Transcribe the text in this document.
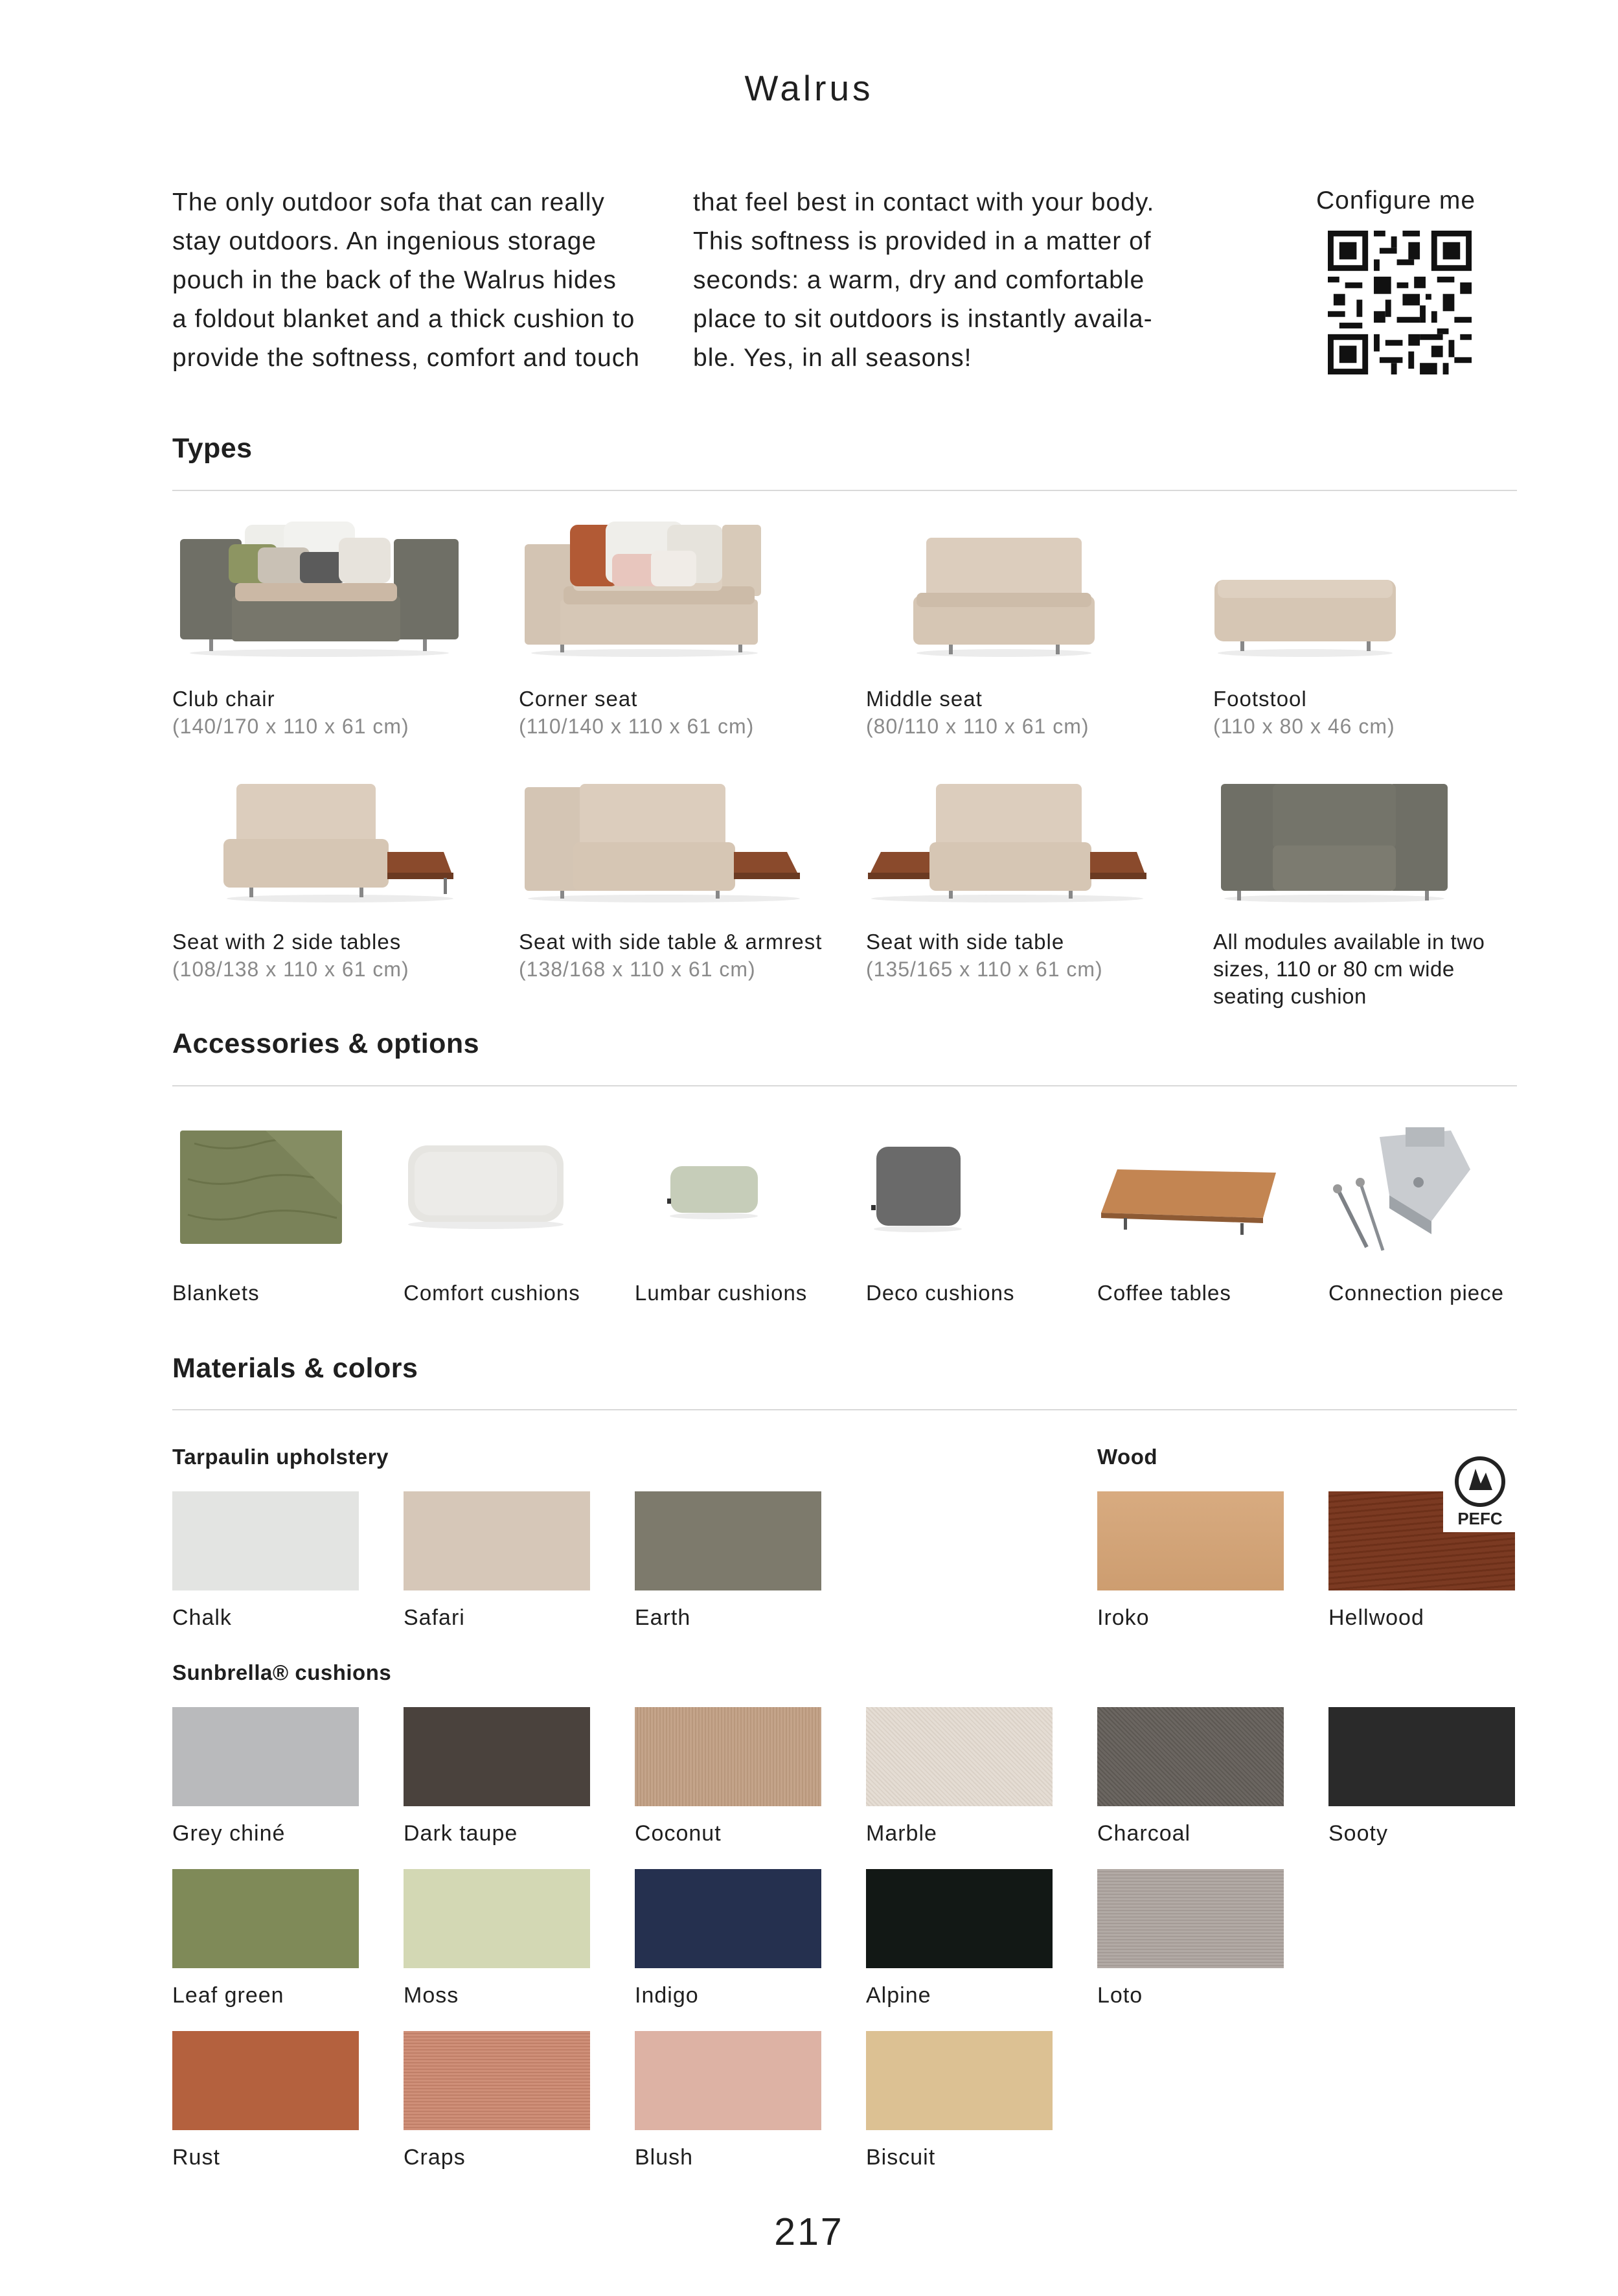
Walrus
The only outdoor sofa that can really
stay outdoors. An ingenious storage
pouch in the back of the Walrus hides
a foldout blanket and a thick cushion to
provide the softness, comfort and touch
that feel best in contact with your body.
This softness is provided in a matter of
seconds: a warm, dry and comfortable
place to sit outdoors is instantly availa-
ble. Yes, in all seasons!
Configure me
Types
Club chair
(140/170 x 110 x 61 cm)
Corner seat
(110/140 x 110 x 61 cm)
Middle seat
(80/110 x 110 x 61 cm)
Footstool
(110 x 80 x 46 cm)
Seat with 2 side tables
(108/138 x 110 x 61 cm)
Seat with side table & armrest
(138/168 x 110 x 61 cm)
Seat with side table
(135/165 x 110 x 61 cm)
All modules available in two
sizes, 110 or 80 cm wide
seating cushion
Accessories & options
Blankets	Comfort cushions	Lumbar cushions	Deco cushions	Coffee tables	Connection piece
Materials & colors
Tarpaulin upholstery	Wood
Chalk	Safari	Earth
PEFC
Iroko	Hellwood
Sunbrella® cushions
Grey chiné	Dark taupe	Coconut	Marble	Charcoal	Sooty
Leaf green	Moss	Indigo	Alpine	Loto
Rust	Craps	Blush	Biscuit
217
